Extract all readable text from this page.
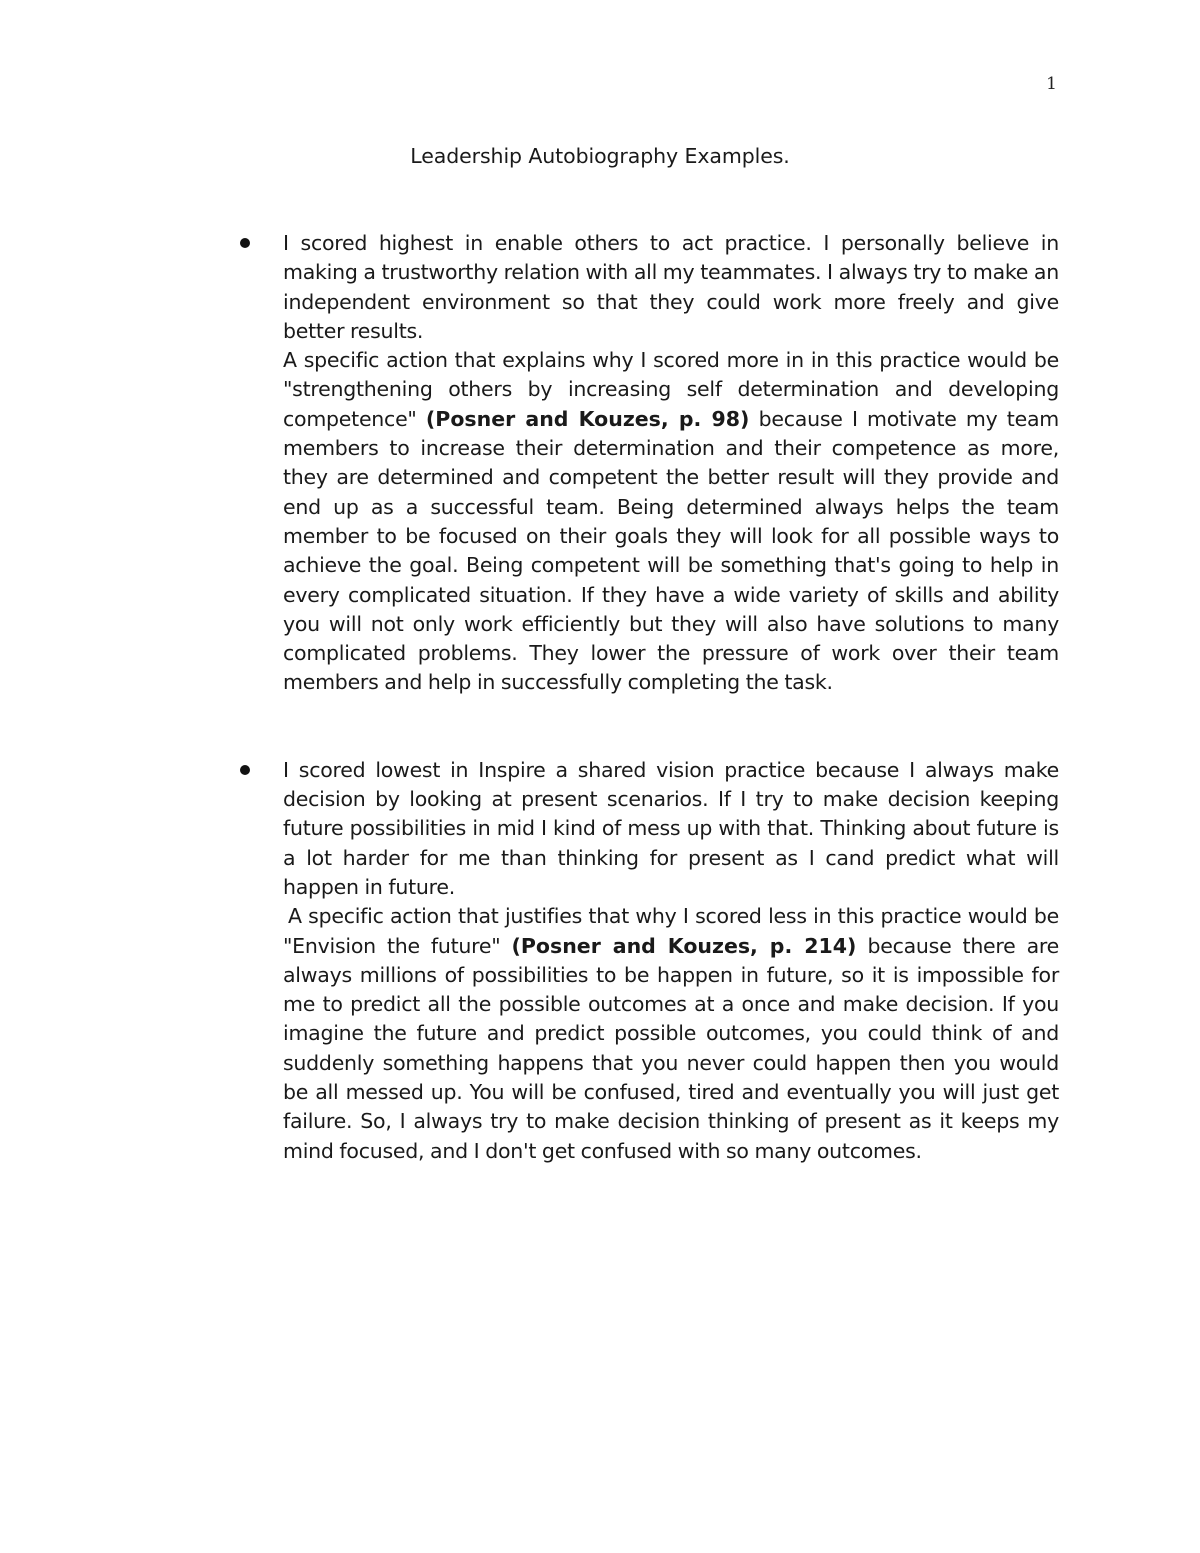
1
Leadership Autobiography Examples.

I scored highest in enable others to act practice. I personally believe in making a trustworthy relation with all my teammates. I always try to make an independent environment so that they could work more freely and give better results.

A specific action that explains why I scored more in in this practice would be "strengthening others by increasing self determination and developing competence" (Posner and Kouzes, p. 98) because I motivate my team members to increase their determination and their competence as more, they are determined and competent the better result will they provide and end up as a successful team. Being determined always helps the team member to be focused on their goals they will look for all possible ways to achieve the goal. Being competent will be something that's going to help in every complicated situation. If they have a wide variety of skills and ability you will not only work efficiently but they will also have solutions to many complicated problems. They lower the pressure of work over their team members and help in successfully completing the task.

I scored lowest in Inspire a shared vision practice because I always make decision by looking at present scenarios. If I try to make decision keeping future possibilities in mid I kind of mess up with that. Thinking about future is a lot harder for me than thinking for present as I cand predict what will happen in future.

A specific action that justifies that why I scored less in this practice would be "Envision the future" (Posner and Kouzes, p. 214) because there are always millions of possibilities to be happen in future, so it is impossible for me to predict all the possible outcomes at a once and make decision. If you imagine the future and predict possible outcomes, you could think of and suddenly something happens that you never could happen then you would be all messed up. You will be confused, tired and eventually you will just get failure. So, I always try to make decision thinking of present as it keeps my mind focused, and I don't get confused with so many outcomes.
